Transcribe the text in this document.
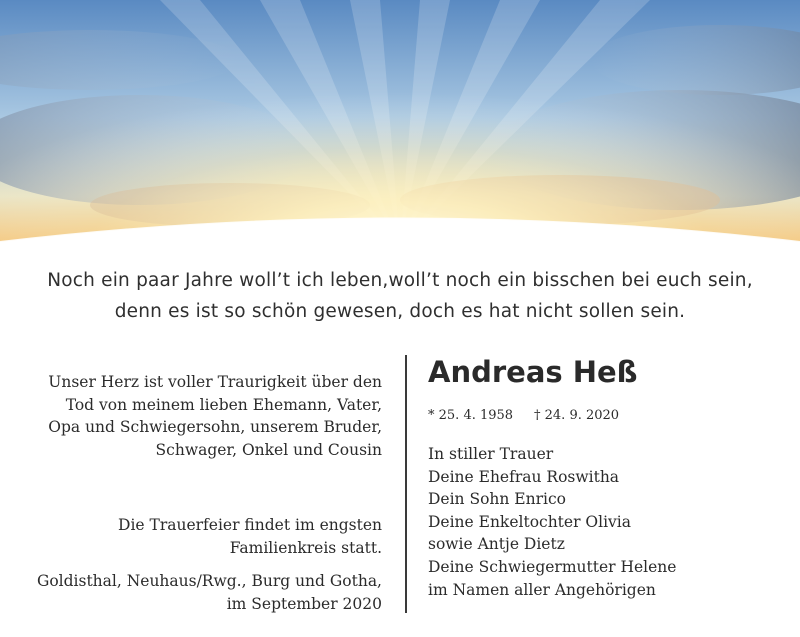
Noch ein paar Jahre woll’t ich leben,woll’t noch ein bisschen bei euch sein,
denn es ist so schön gewesen, doch es hat nicht sollen sein.
Unser Herz ist voller Traurigkeit über den
Tod von meinem lieben Ehemann, Vater,
Opa und Schwiegersohn, unserem Bruder,
Schwager, Onkel und Cousin
Die Trauerfeier findet im engsten
Familienkreis statt.
Goldisthal, Neuhaus/Rwg., Burg und Gotha,
im September 2020
Andreas Heß
* 25. 4. 1958 † 24. 9. 2020
In stiller Trauer
Deine Ehefrau Roswitha
Dein Sohn Enrico
Deine Enkeltochter Olivia
sowie Antje Dietz
Deine Schwiegermutter Helene
im Namen aller Angehörigen
